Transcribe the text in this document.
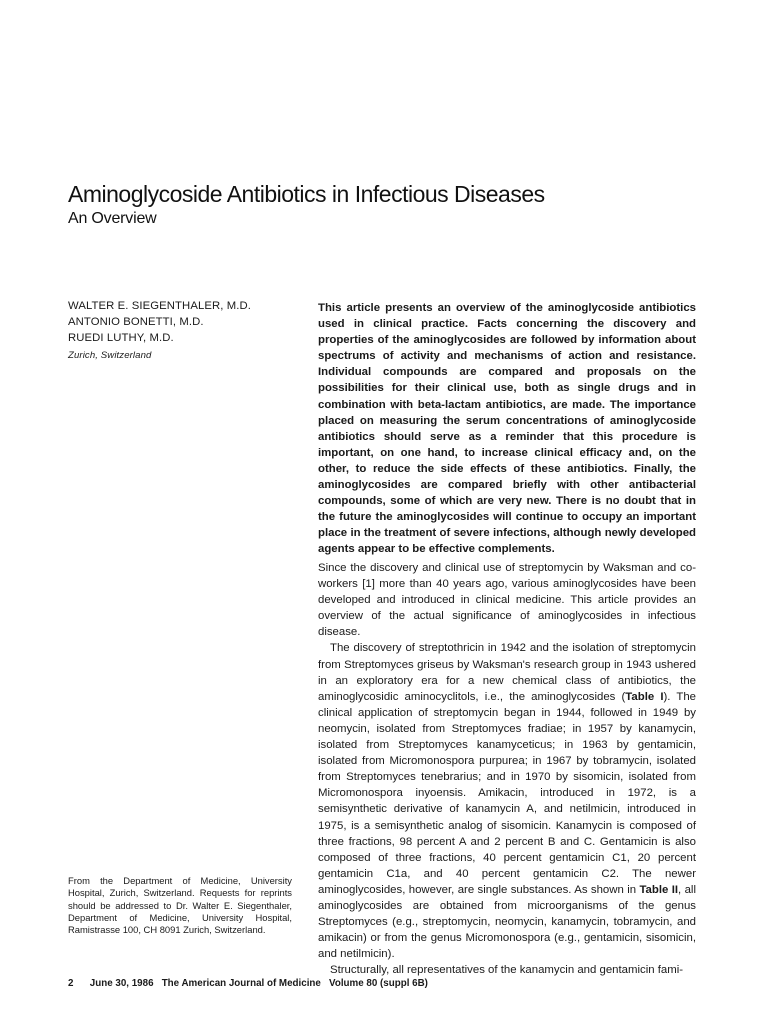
Aminoglycoside Antibiotics in Infectious Diseases
An Overview
WALTER E. SIEGENTHALER, M.D.
ANTONIO BONETTI, M.D.
RUEDI LUTHY, M.D.
Zurich, Switzerland

This article presents an overview of the aminoglycoside antibiotics used in clinical practice. Facts concerning the discovery and properties of the aminoglycosides are followed by information about spectrums of activity and mechanisms of action and resistance. Individual compounds are compared and proposals on the possibilities for their clinical use, both as single drugs and in combination with beta-lactam antibiotics, are made. The importance placed on measuring the serum concentrations of aminoglycoside antibiotics should serve as a reminder that this procedure is important, on one hand, to increase clinical efficacy and, on the other, to reduce the side effects of these antibiotics. Finally, the aminoglycosides are compared briefly with other antibacterial compounds, some of which are very new. There is no doubt that in the future the aminoglycosides will continue to occupy an important place in the treatment of severe infections, although newly developed agents appear to be effective complements.

Since the discovery and clinical use of streptomycin by Waksman and co-workers [1] more than 40 years ago, various aminoglycosides have been developed and introduced in clinical medicine. This article provides an overview of the actual significance of aminoglycosides in infectious disease.

The discovery of streptothricin in 1942 and the isolation of streptomycin from Streptomyces griseus by Waksman's research group in 1943 ushered in an exploratory era for a new chemical class of antibiotics, the aminoglycosidic aminocyclitols, i.e., the aminoglycosides (Table I). The clinical application of streptomycin began in 1944, followed in 1949 by neomycin, isolated from Streptomyces fradiae; in 1957 by kanamycin, isolated from Streptomyces kanamyceticus; in 1963 by gentamicin, isolated from Micromonospora purpurea; in 1967 by tobramycin, isolated from Streptomyces tenebrarius; and in 1970 by sisomicin, isolated from Micromonospora inyoensis. Amikacin, introduced in 1972, is a semisynthetic derivative of kanamycin A, and netilmicin, introduced in 1975, is a semisynthetic analog of sisomicin. Kanamycin is composed of three fractions, 98 percent A and 2 percent B and C. Gentamicin is also composed of three fractions, 40 percent gentamicin C1, 20 percent gentamicin C1a, and 40 percent gentamicin C2. The newer aminoglycosides, however, are single substances. As shown in Table II, all aminoglycosides are obtained from microorganisms of the genus Streptomyces (e.g., streptomycin, neomycin, kanamycin, tobramycin, and amikacin) or from the genus Micromonospora (e.g., gentamicin, sisomicin, and netilmicin).

Structurally, all representatives of the kanamycin and gentamicin fami-

From the Department of Medicine, University Hospital, Zurich, Switzerland. Requests for reprints should be addressed to Dr. Walter E. Siegenthaler, Department of Medicine, University Hospital, Ramistrasse 100, CH 8091 Zurich, Switzerland.

2 June 30, 1986 The American Journal of Medicine Volume 80 (suppl 6B)
